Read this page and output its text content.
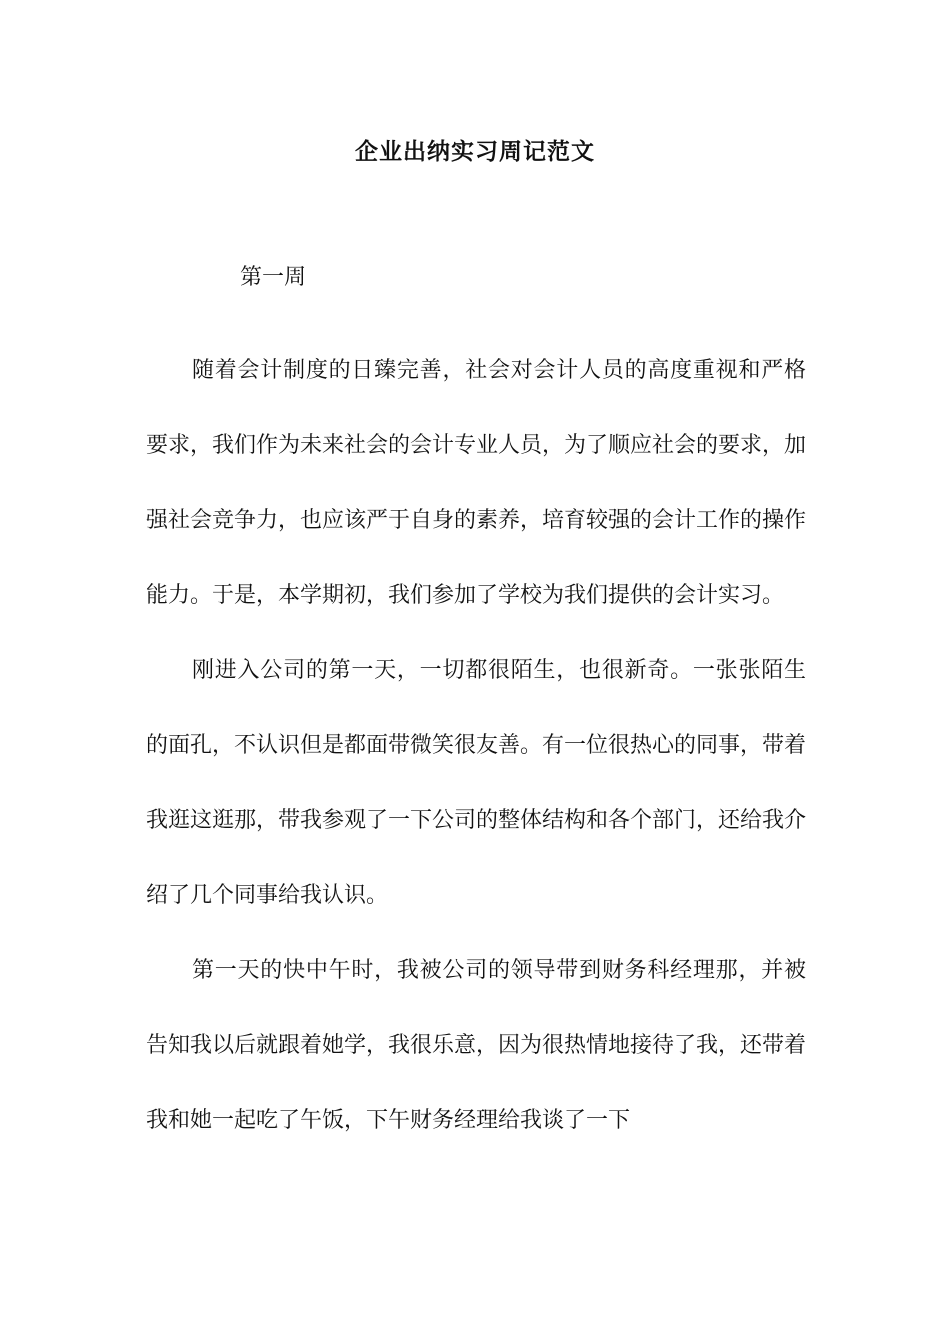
企业出纳实习周记范文
第一周

随着会计制度的日臻完善，社会对会计人员的高度重视和严格要求，我们作为未来社会的会计专业人员，为了顺应社会的要求，加强社会竞争力，也应该严于自身的素养，培育较强的会计工作的操作能力。于是，本学期初，我们参加了学校为我们提供的会计实习。

刚进入公司的第一天，一切都很陌生，也很新奇。一张张陌生的面孔，不认识但是都面带微笑很友善。有一位很热心的同事，带着我逛这逛那，带我参观了一下公司的整体结构和各个部门，还给我介绍了几个同事给我认识。

第一天的快中午时，我被公司的领导带到财务科经理那，并被告知我以后就跟着她学，我很乐意，因为很热情地接待了我，还带着我和她一起吃了午饭，下午财务经理给我谈了一下
